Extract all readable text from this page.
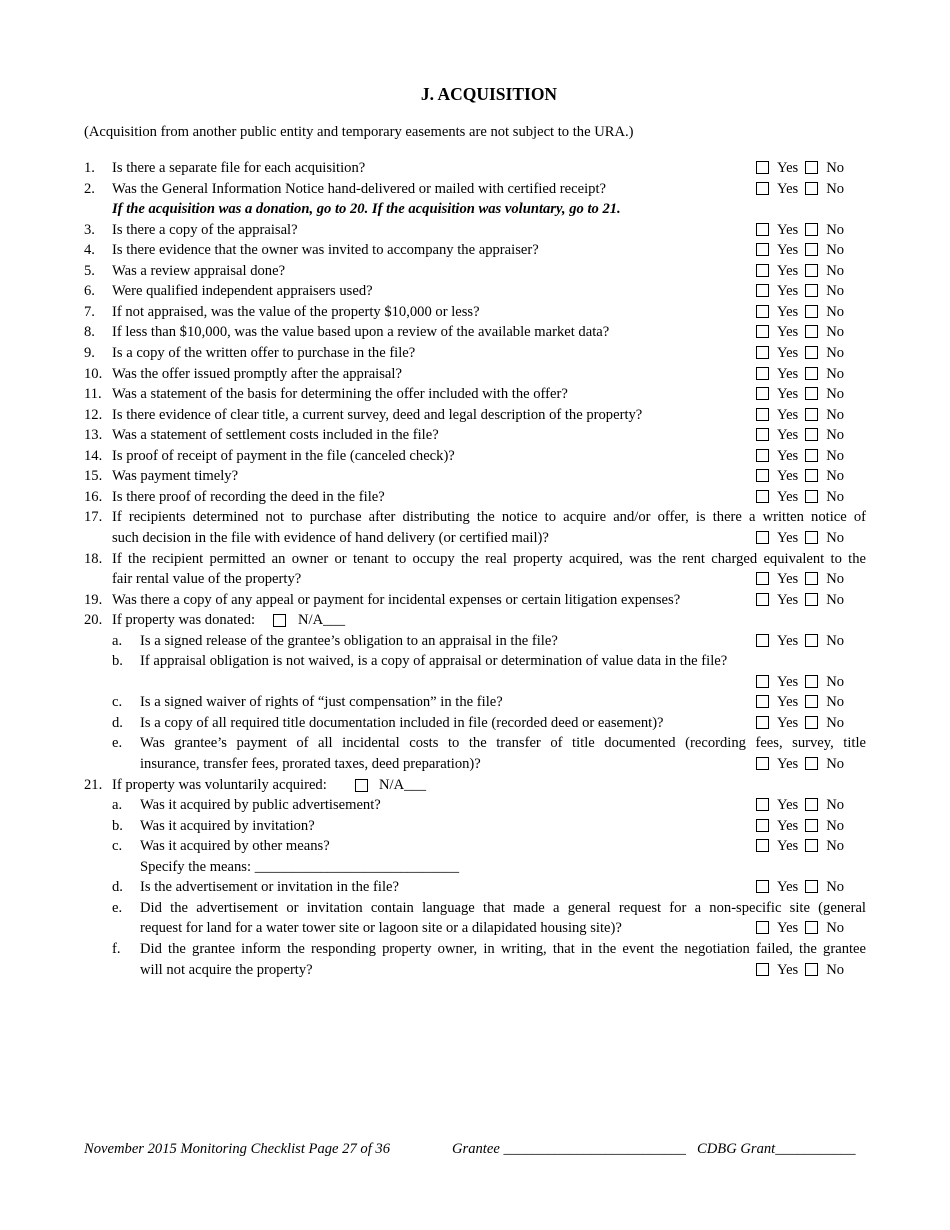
J. ACQUISITION
(Acquisition from another public entity and temporary easements are not subject to the URA.)
1. Is there a separate file for each acquisition?	Yes No
2. Was the General Information Notice hand-delivered or mailed with certified receipt?	Yes No
If the acquisition was a donation, go to 20. If the acquisition was voluntary, go to 21.
3. Is there a copy of the appraisal?	Yes No
4. Is there evidence that the owner was invited to accompany the appraiser?	Yes No
5. Was a review appraisal done?	Yes No
6. Were qualified independent appraisers used?	Yes No
7. If not appraised, was the value of the property $10,000 or less?	Yes No
8. If less than $10,000, was the value based upon a review of the available market data?	Yes No
9. Is a copy of the written offer to purchase in the file?	Yes No
10. Was the offer issued promptly after the appraisal?	Yes No
11. Was a statement of the basis for determining the offer included with the offer?	Yes No
12. Is there evidence of clear title, a current survey, deed and legal description of the property?	Yes No
13. Was a statement of settlement costs included in the file?	Yes No
14. Is proof of receipt of payment in the file (canceled check)?	Yes No
15. Was payment timely?	Yes No
16. Is there proof of recording the deed in the file?	Yes No
17. If recipients determined not to purchase after distributing the notice to acquire and/or offer, is there a written notice of
such decision in the file with evidence of hand delivery (or certified mail)?	Yes No
18. If the recipient permitted an owner or tenant to occupy the real property acquired, was the rent charged equivalent to the
fair rental value of the property?	Yes No
19. Was there a copy of any appeal or payment for incidental expenses or certain litigation expenses?	Yes No
20. If property was donated:	N/A___
a. Is a signed release of the grantee’s obligation to an appraisal in the file?	Yes No
b. If appraisal obligation is not waived, is a copy of appraisal or determination of value data in the file?
Yes No
c. Is a signed waiver of rights of “just compensation” in the file?	Yes No
d. Is a copy of all required title documentation included in file (recorded deed or easement)?	Yes No
e. Was grantee’s payment of all incidental costs to the transfer of title documented (recording fees, survey, title
insurance, transfer fees, prorated taxes, deed preparation)?	Yes No
21. If property was voluntarily acquired:	N/A___
a. Was it acquired by public advertisement?	Yes No
b. Was it acquired by invitation?	Yes No
c. Was it acquired by other means?	Yes No
Specify the means: ____________________________
d. Is the advertisement or invitation in the file?	Yes No
e. Did the advertisement or invitation contain language that made a general request for a non-specific site (general
request for land for a water tower site or lagoon site or a dilapidated housing site)?	Yes No
f. Did the grantee inform the responding property owner, in writing, that in the event the negotiation failed, the grantee
will not acquire the property?	Yes No
November 2015 Monitoring Checklist Page 27 of 36	Grantee _________________________ CDBG Grant___________
